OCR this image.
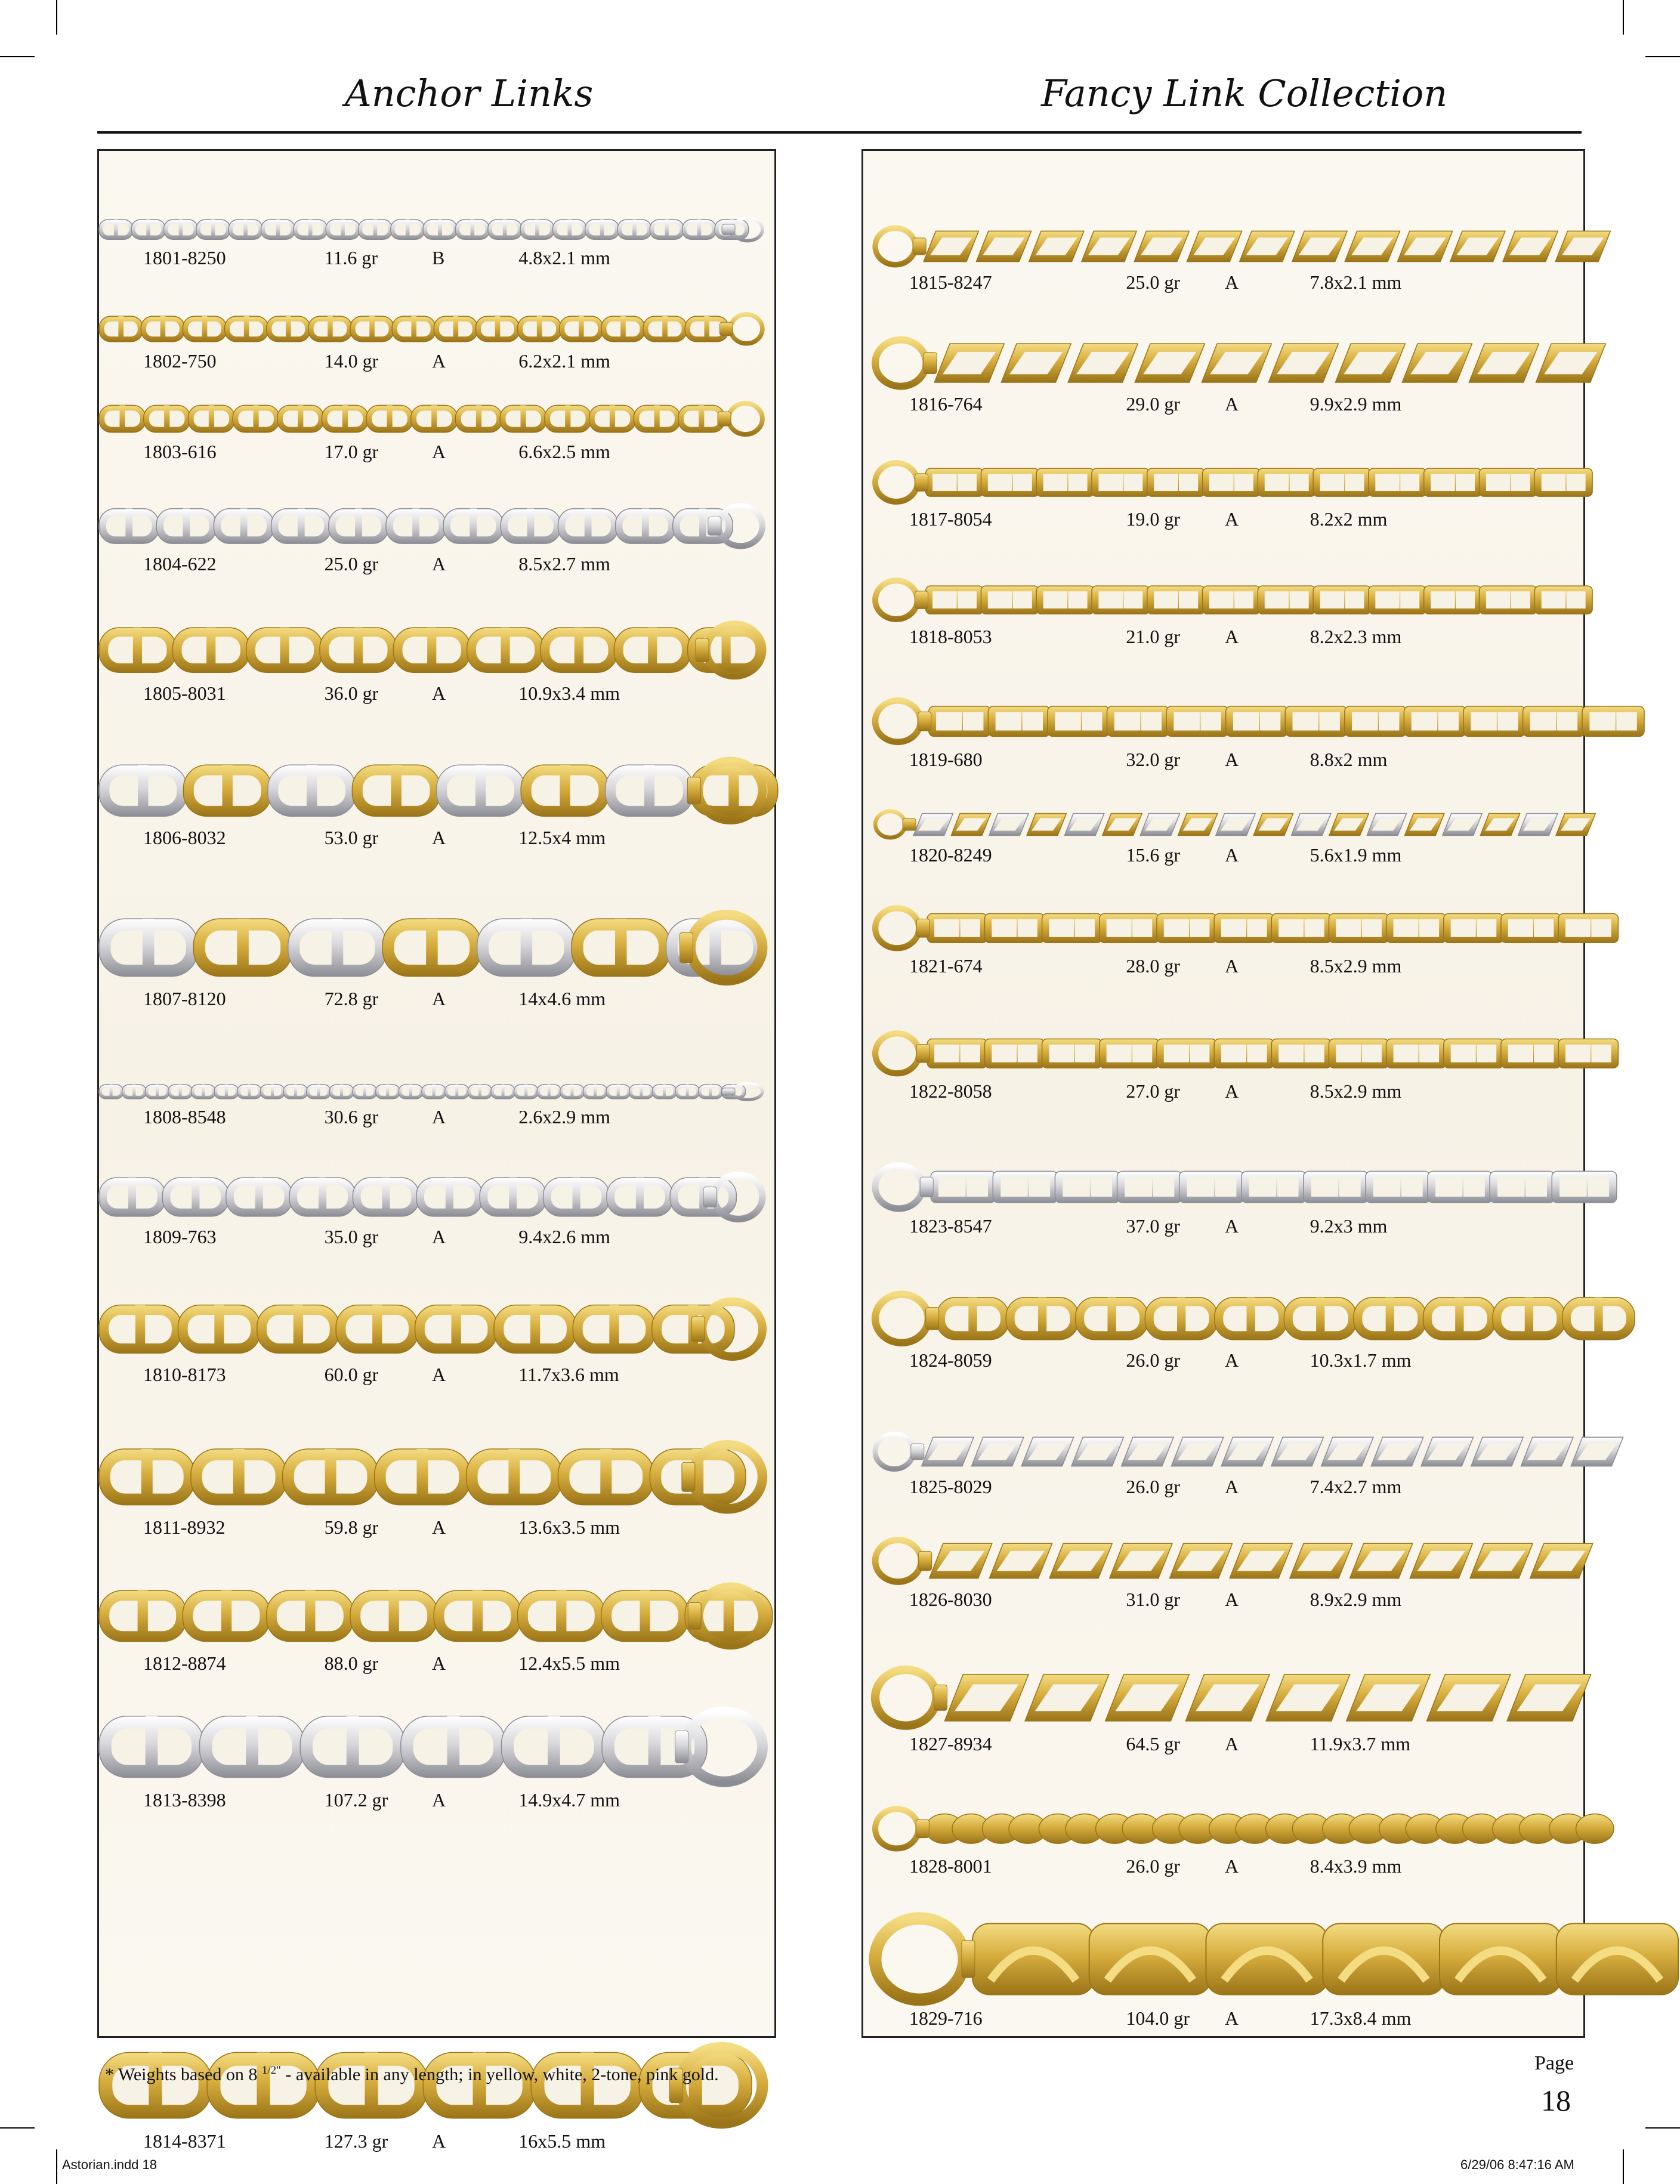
Anchor Links	Fancy Link Collection
1801-8250	11.6 gr	B	4.8x2.1 mm
1802-750	14.0 gr	A	6.2x2.1 mm
1803-616	17.0 gr	A	6.6x2.5 mm
1804-622	25.0 gr	A	8.5x2.7 mm
1805-8031	36.0 gr	A	10.9x3.4 mm
1806-8032	53.0 gr	A	12.5x4 mm
1807-8120	72.8 gr	A	14x4.6 mm
1808-8548	30.6 gr	A	2.6x2.9 mm
1809-763	35.0 gr	A	9.4x2.6 mm
1810-8173	60.0 gr	A	11.7x3.6 mm
1811-8932	59.8 gr	A	13.6x3.5 mm
1812-8874	88.0 gr	A	12.4x5.5 mm
1813-8398	107.2 gr A	14.9x4.7 mm
1814-8371	127.3 gr A	16x5.5 mm
1815-8247	25.0 gr A	7.8x2.1 mm
1816-764	29.0 gr A	9.9x2.9 mm
1817-8054	19.0 gr A	8.2x2 mm
1818-8053	21.0 gr A	8.2x2.3 mm
1819-680	32.0 gr A	8.8x2 mm
1820-8249	15.6 gr A	5.6x1.9 mm
1821-674	28.0 gr A	8.5x2.9 mm
1822-8058	27.0 gr A	8.5x2.9 mm
1823-8547	37.0 gr A	9.2x3 mm
1824-8059	26.0 gr A	10.3x1.7 mm
1825-8029	26.0 gr A	7.4x2.7 mm
1826-8030	31.0 gr A	8.9x2.9 mm
1827-8934	64.5 gr A	11.9x3.7 mm
1828-8001	26.0 gr A	8.4x3.9 mm
1829-716	104.0 gr A	17.3x8.4 mm
* Weights based on 8 $^{1/2"}$ - available in any length; in yellow, white, 2-tone, pink gold.
Page
18
Astorian.indd 18	6/29/06 8:47:16 AM
